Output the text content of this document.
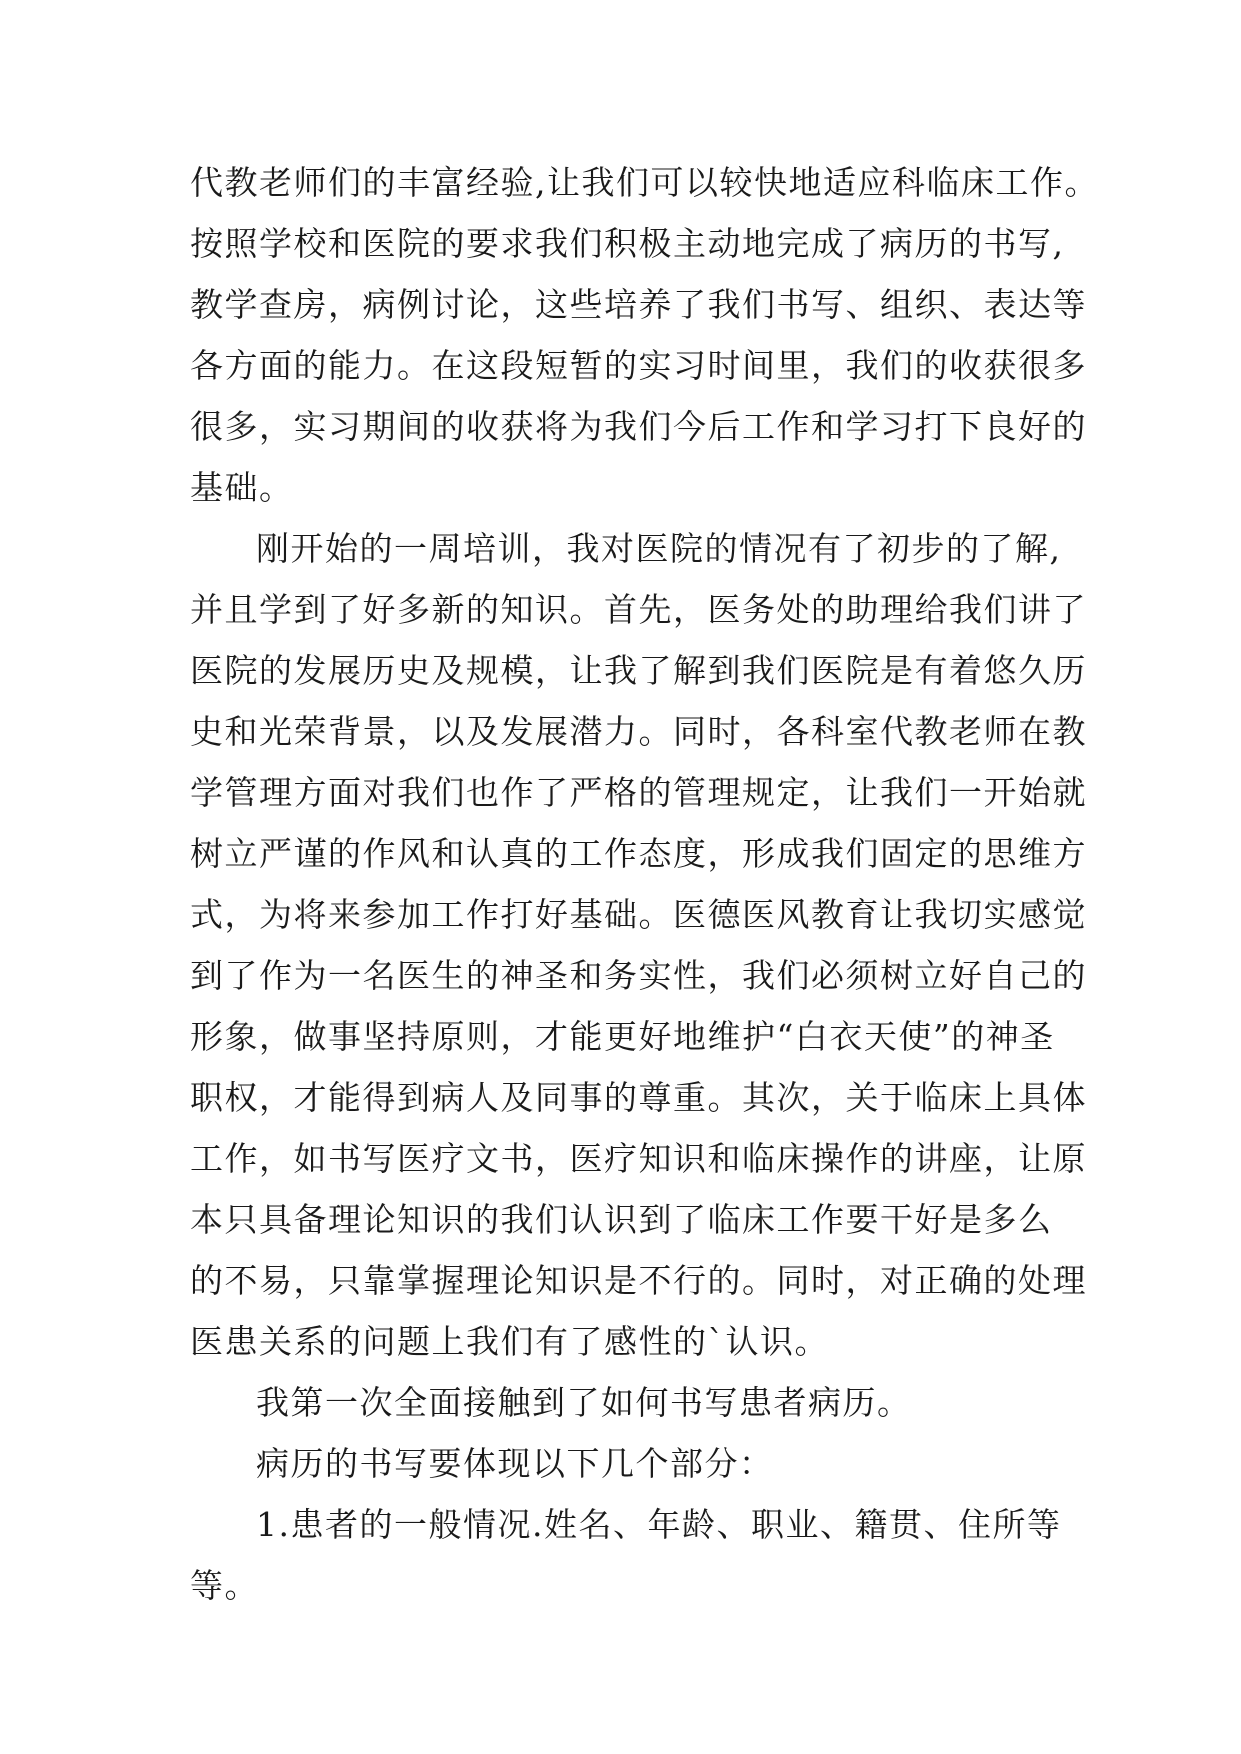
代教老师们的丰富经验,让我们可以较快地适应科临床工作。
按照学校和医院的要求我们积极主动地完成了病历的书写,
教学查房，病例讨论，这些培养了我们书写、组织、表达等
各方面的能力。在这段短暂的实习时间里，我们的收获很多
很多，实习期间的收获将为我们今后工作和学习打下良好的
基础。
刚开始的一周培训，我对医院的情况有了初步的了解,
并且学到了好多新的知识。首先，医务处的助理给我们讲了
医院的发展历史及规模，让我了解到我们医院是有着悠久历
史和光荣背景，以及发展潜力。同时，各科室代教老师在教
学管理方面对我们也作了严格的管理规定，让我们一开始就
树立严谨的作风和认真的工作态度，形成我们固定的思维方
式，为将来参加工作打好基础。医德医风教育让我切实感觉
到了作为一名医生的神圣和务实性，我们必须树立好自己的
形象，做事坚持原则，才能更好地维护“白衣天使”的神圣
职权，才能得到病人及同事的尊重。其次，关于临床上具体
工作，如书写医疗文书，医疗知识和临床操作的讲座，让原
本只具备理论知识的我们认识到了临床工作要干好是多么
的不易，只靠掌握理论知识是不行的。同时，对正确的处理
医患关系的问题上我们有了感性的`认识。
我第一次全面接触到了如何书写患者病历。
病历的书写要体现以下几个部分：
1.患者的一般情况.姓名、年龄、职业、籍贯、住所等
等。
